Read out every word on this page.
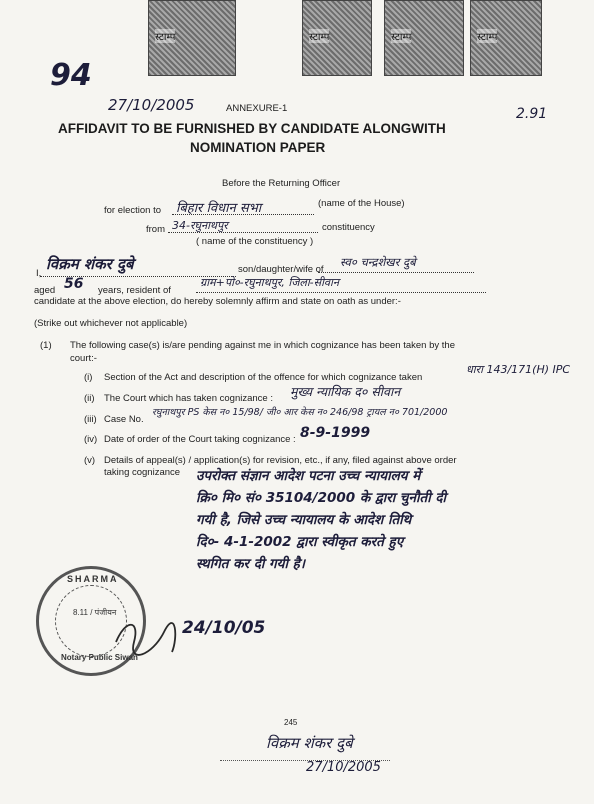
स्टाम्प	स्टाम्प	स्टाम्प	स्टाम्प
94
27/10/2005	2.91
ANNEXURE-1
AFFIDAVIT TO BE FURNISHED BY CANDIDATE ALONGWITH
NOMINATION PAPER
Before the Returning Officer
for election to बिहार विधान सभा	(name of the House)
from 34-रघुनाथपुर	constituency
( name of the constituency )
I,
विक्रम शंकर दुबे	son/daughter/wife of
स्व० चन्द्रशेखर दुबे
aged 56 years, resident of
ग्राम+पो०-रघुनाथपुर, जिला-सीवान
candidate at the above election, do hereby solemnly affirm and state on oath as under:-
(Strike out whichever not applicable)
(1) The following case(s) is/are pending against me in which cognizance has been taken by the
court:-
(i) Section of the Act and description of the offence for which cognizance taken
धारा 143/171(H) IPC
(ii) The Court which has taken cognizance : मुख्य न्यायिक द० सीवान
(iii) Case No.
रघुनाथपुर PS केस न० 15/98/ जी० आर केस न० 246/98 ट्रायल न० 701/2000
(iv) Date of order of the Court taking cognizance : 8-9-1999
(v) Details of appeal(s) / application(s) for revision, etc., if any, filed against above order
taking cognizance उपरोक्त संज्ञान आदेश पटना उच्च न्यायालय में
क्रि० मि० सं० 35104/2000 के द्वारा चुनौती दी
गयी है, जिसे उच्च न्यायालय के आदेश तिथि
दि०- 4-1-2002 द्वारा स्वीकृत करते हुए
स्थगित कर दी गयी है।
SHARMA
8.11 / पंजीयन
Notary Public Siwan
24/10/05
245
विक्रम शंकर दुबे
27/10/2005
